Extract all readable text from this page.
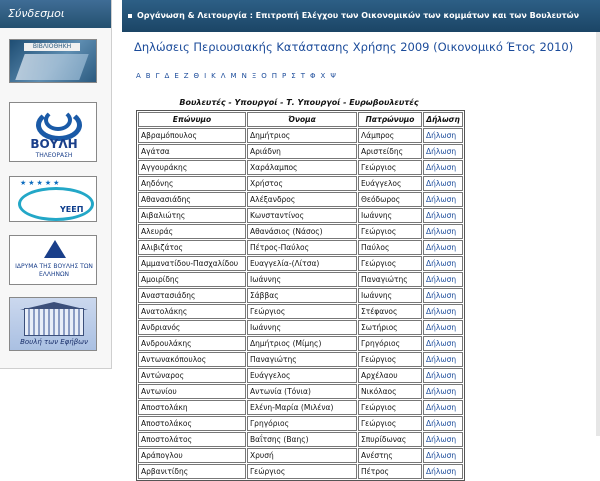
Σύνδεσμοι
ΒΙΒΛΙΟΘΗΚΗ
ΒΟΥΛΗ
ΤΗΛΕΟΡΑΣΗ
★★★★★
ΥΕΕΠ
ΙΔΡΥΜΑ ΤΗΣ ΒΟΥΛΗΣ ΤΩΝ ΕΛΛΗΝΩΝ
Βουλή των Εφήβων
Οργάνωση & Λειτουργία : Επιτροπή Ελέγχου των Οικονομικών των κομμάτων και των Βουλευτών
Δηλώσεις Περιουσιακής Κατάστασης Χρήσης 2009 (Οικονομικό Έτος 2010)
Α Β Γ Δ Ε Ζ Θ Ι Κ Λ Μ Ν Ξ Ο Π Ρ Σ Τ Φ Χ Ψ
Βουλευτές - Υπουργοί - Τ. Υπουργοί - Ευρωβουλευτές
Επώνυμο	Όνομα	Πατρώνυμο	Δήλωση
Αβραμόπουλος	Δημήτριος	Λάμπρος	Δήλωση
Αγάτσα	Αριάδνη	Αριστείδης	Δήλωση
Αγγουράκης	Χαράλαμπος	Γεώργιος	Δήλωση
Αηδόνης	Χρήστος	Ευάγγελος	Δήλωση
Αθανασιάδης	Αλέξανδρος	Θεόδωρος	Δήλωση
Αιβαλιώτης	Κωνσταντίνος	Ιωάννης	Δήλωση
Αλευράς	Αθανάσιος (Νάσος)	Γεώργιος	Δήλωση
Αλιβιζάτος	Πέτρος-Παύλος	Παύλος	Δήλωση
Αμμανατίδου-Πασχαλίδου	Ευαγγελία-(Λίτσα)	Γεώργιος	Δήλωση
Αμοιρίδης	Ιωάννης	Παναγιώτης	Δήλωση
Αναστασιάδης	Σάββας	Ιωάννης	Δήλωση
Ανατολάκης	Γεώργιος	Στέφανος	Δήλωση
Ανδριανός	Ιωάννης	Σωτήριος	Δήλωση
Ανδρουλάκης	Δημήτριος (Μίμης)	Γρηγόριος	Δήλωση
Αντωνακόπουλος	Παναγιώτης	Γεώργιος	Δήλωση
Αντώναρος	Ευάγγελος	Αρχέλαου	Δήλωση
Αντωνίου	Αντωνία (Τόνια)	Νικόλαος	Δήλωση
Αποστολάκη	Ελένη-Μαρία (Μιλένα)	Γεώργιος	Δήλωση
Αποστολάκος	Γρηγόριος	Γεώργιος	Δήλωση
Αποστολάτος	Βαΐτσης (Βαης)	Σπυρίδωνας	Δήλωση
Αράπογλου	Χρυσή	Ανέστης	Δήλωση
Αρβανιτίδης	Γεώργιος	Πέτρος	Δήλωση
